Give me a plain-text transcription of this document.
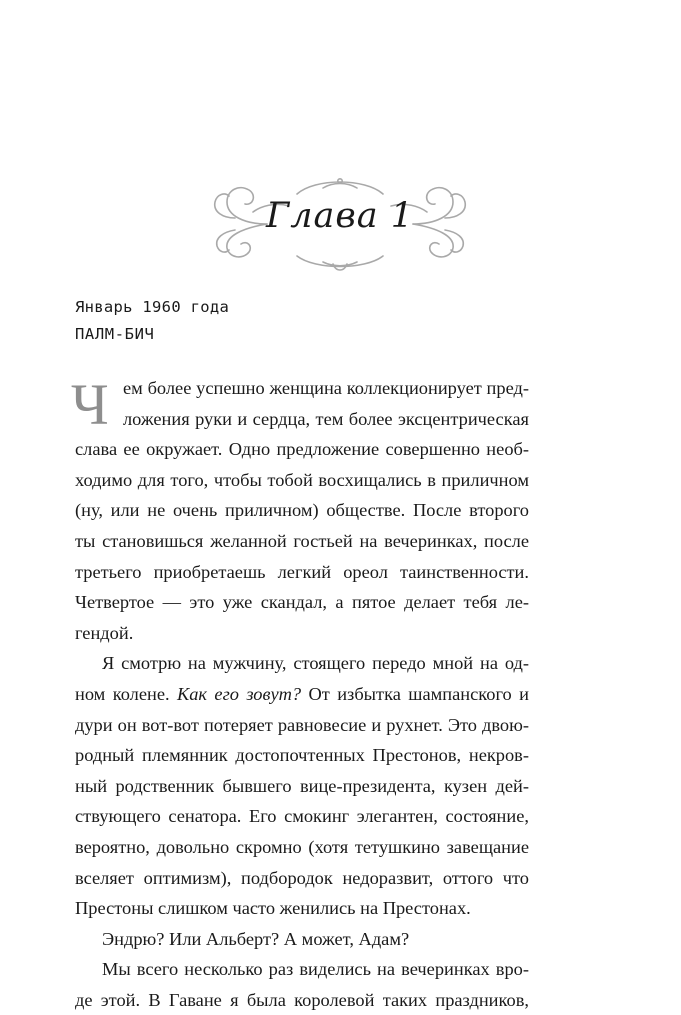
Глава 1
Январь 1960 года
ПАЛМ-БИЧ
Ч ем более успешно женщина коллекционирует пред-
ложения руки и сердца, тем более эксцентрическая
слава ее окружает. Одно предложение совершенно необ-
ходимо для того, чтобы тобой восхищались в приличном
(ну, или не очень приличном) обществе. После второго
ты становишься желанной гостьей на вечеринках, после
третьего приобретаешь легкий ореол таинственности.
Четвертое — это уже скандал, а пятое делает тебя ле-
гендой.
Я смотрю на мужчину, стоящего передо мной на од-
ном колене. Как его зовут? От избытка шампанского и
дури он вот-вот потеряет равновесие и рухнет. Это двою-
родный племянник достопочтенных Престонов, некров-
ный родственник бывшего вице-президента, кузен дей-
ствующего сенатора. Его смокинг элегантен, состояние,
вероятно, довольно скромно (хотя тетушкино завещание
вселяет оптимизм), подбородок недоразвит, оттого что
Престоны слишком часто женились на Престонах.
Эндрю? Или Альберт? А может, Адам?
Мы всего несколько раз виделись на вечеринках вро-
де этой. В Гаване я была королевой таких праздников,
